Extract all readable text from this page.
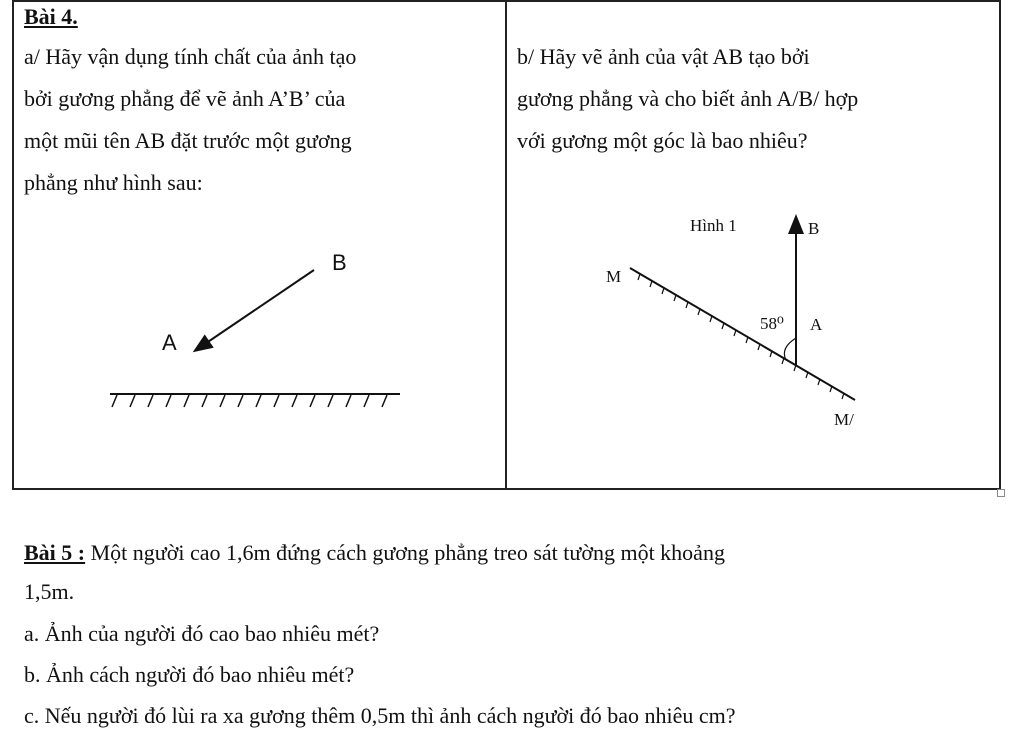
Bài 4.
a/ Hãy vận dụng tính chất của ảnh tạo
bởi gương phẳng để vẽ ảnh A’B’ của
một mũi tên AB đặt trước một gương
phẳng như hình sau:
b/ Hãy vẽ ảnh của vật AB tạo bởi
gương phẳng và cho biết ảnh A/B/ hợp
với gương một góc là bao nhiêu?
B
A
Hình 1	B
M
58⁰ A
M/
Bài 5 : Một người cao 1,6m đứng cách gương phẳng treo sát tường một khoảng
1,5m.
a. Ảnh của người đó cao bao nhiêu mét?
b. Ảnh cách người đó bao nhiêu mét?
c. Nếu người đó lùi ra xa gương thêm 0,5m thì ảnh cách người đó bao nhiêu cm?
